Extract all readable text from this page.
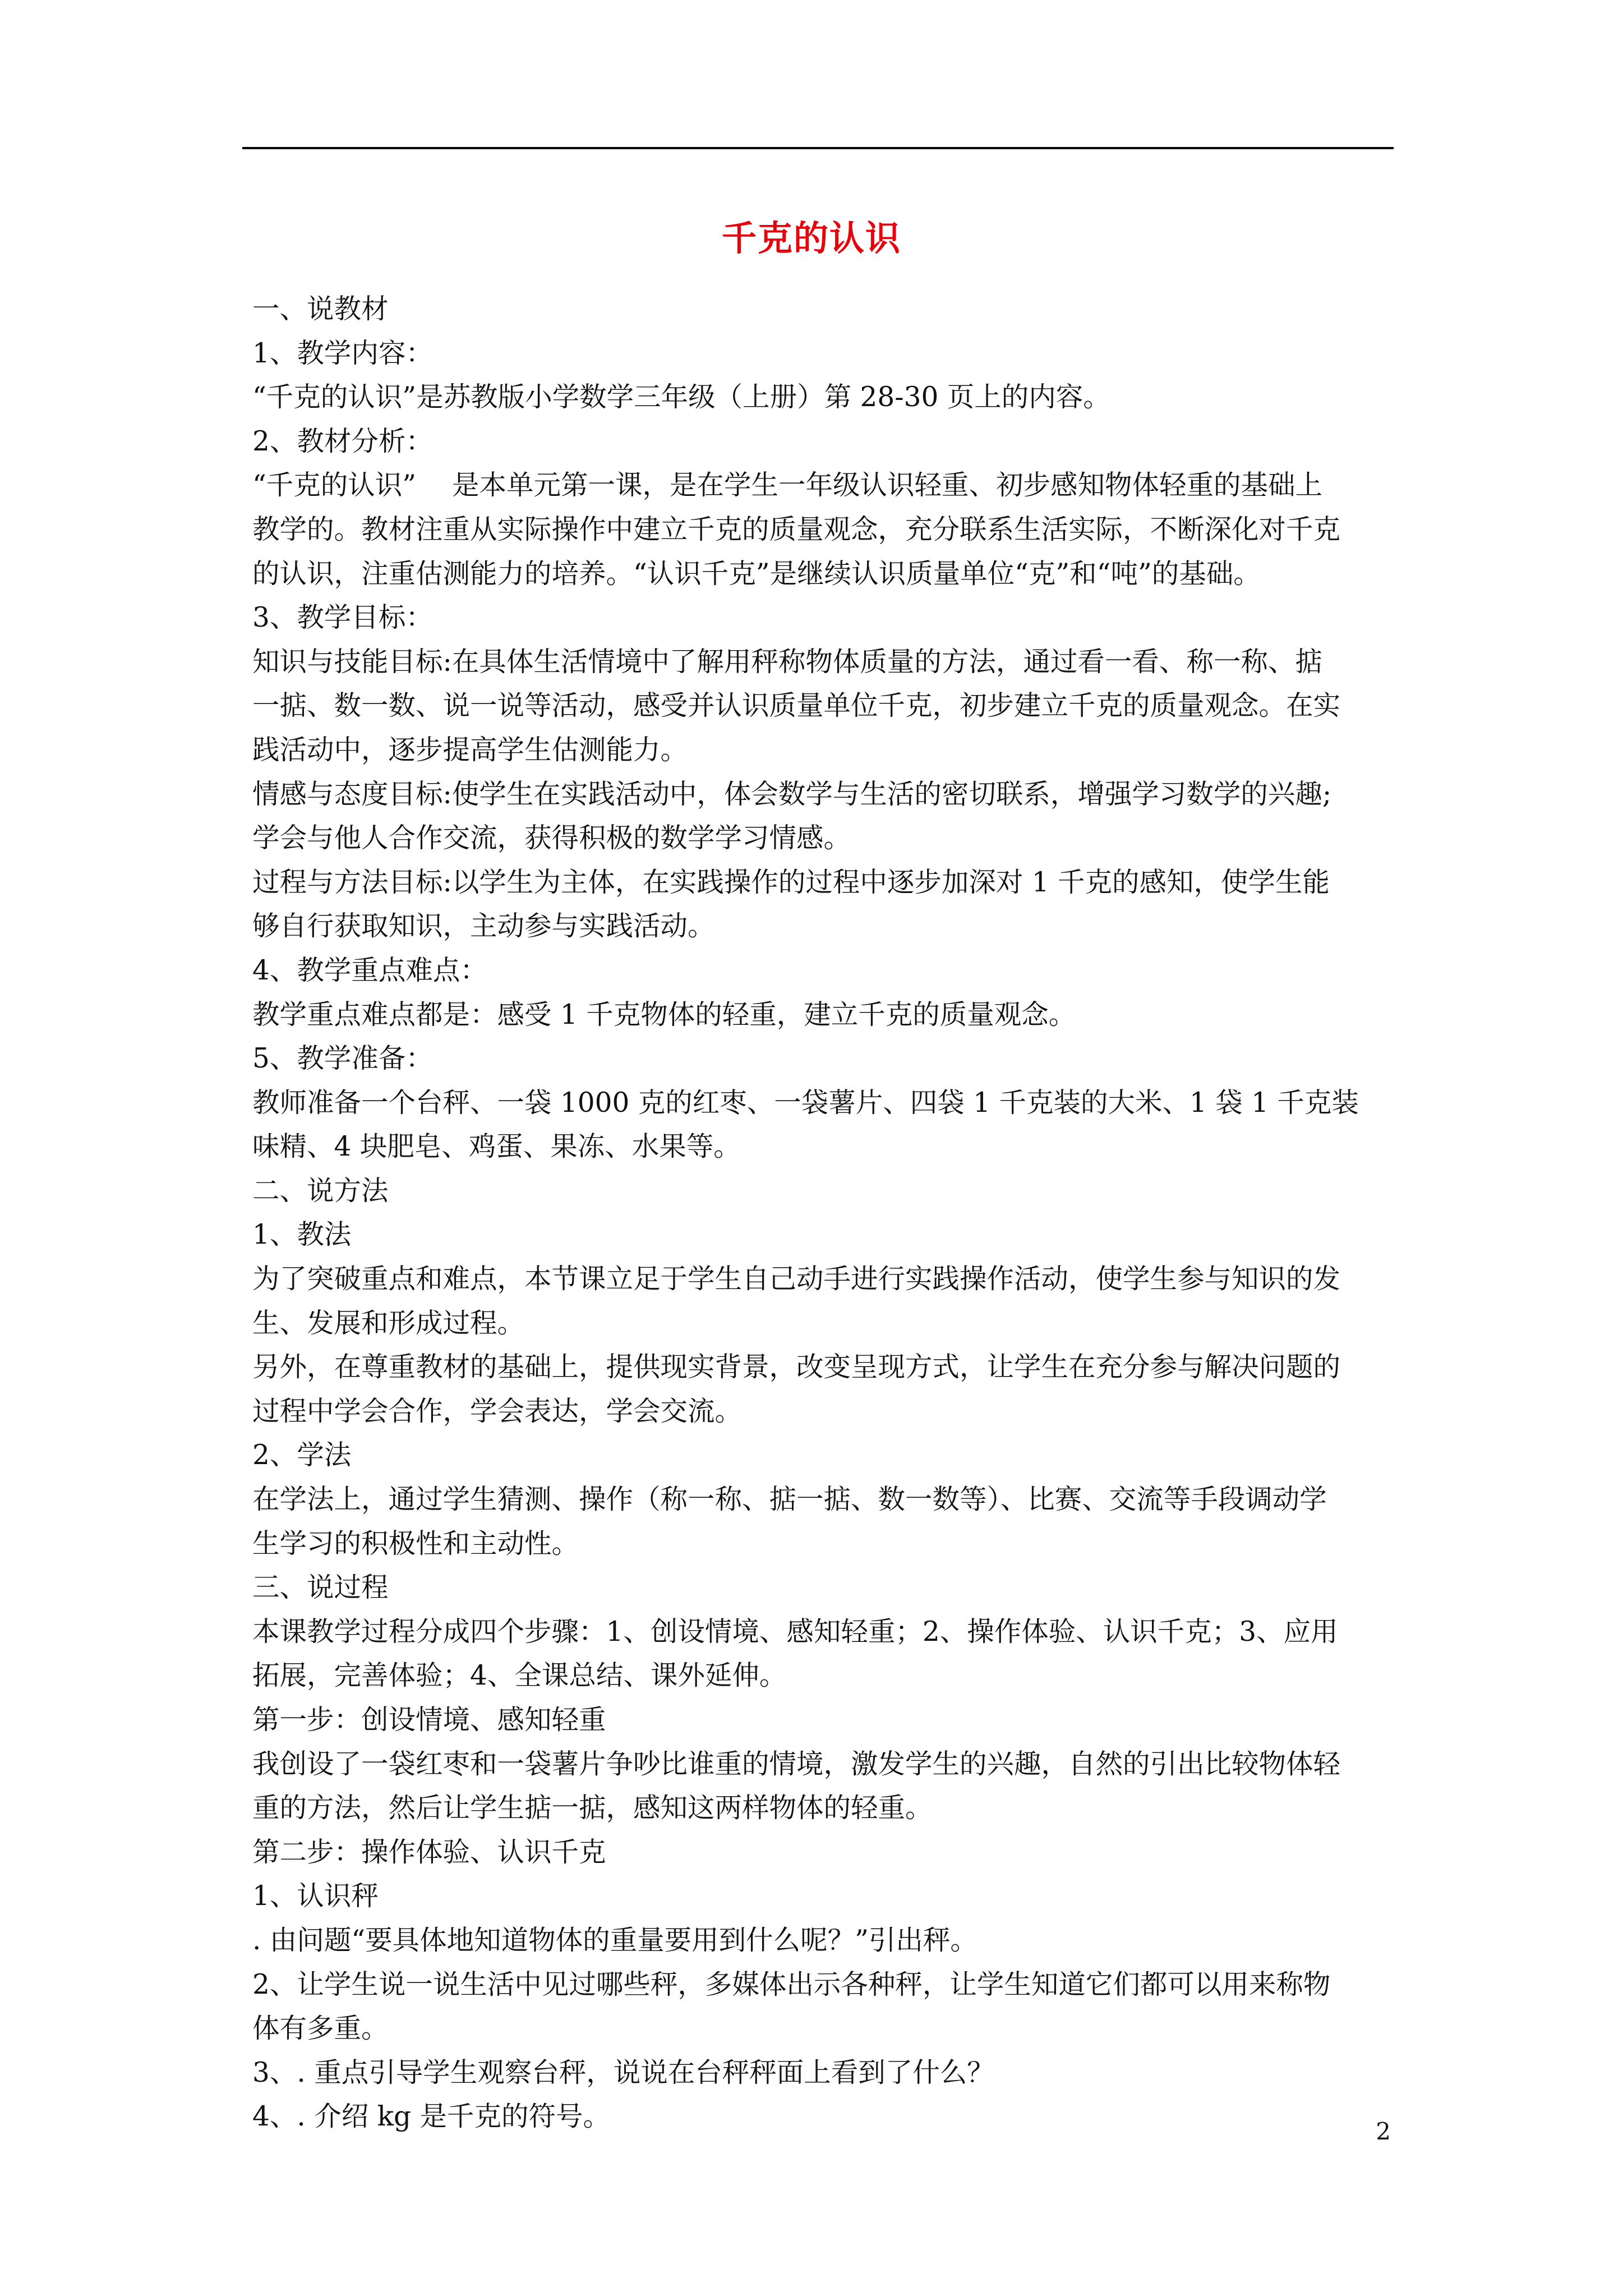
千克的认识
一、说教材
1、教学内容：
“千克的认识”是苏教版小学数学三年级（上册）第 28-30 页上的内容。
2、教材分析：
“千克的认识”　 是本单元第一课，是在学生一年级认识轻重、初步感知物体轻重的基础上
教学的。教材注重从实际操作中建立千克的质量观念，充分联系生活实际，不断深化对千克
的认识，注重估测能力的培养。“认识千克”是继续认识质量单位“克”和“吨”的基础。
3、教学目标：
知识与技能目标:在具体生活情境中了解用秤称物体质量的方法，通过看一看、称一称、掂
一掂、数一数、说一说等活动，感受并认识质量单位千克，初步建立千克的质量观念。在实
践活动中，逐步提高学生估测能力。
情感与态度目标:使学生在实践活动中，体会数学与生活的密切联系，增强学习数学的兴趣;
学会与他人合作交流，获得积极的数学学习情感。
过程与方法目标:以学生为主体，在实践操作的过程中逐步加深对 1 千克的感知，使学生能
够自行获取知识，主动参与实践活动。
4、教学重点难点：
教学重点难点都是：感受 1 千克物体的轻重，建立千克的质量观念。
5、教学准备：
教师准备一个台秤、一袋 1000 克的红枣、一袋薯片、四袋 1 千克装的大米、1 袋 1 千克装
味精、4 块肥皂、鸡蛋、果冻、水果等。
二、说方法
1、教法
为了突破重点和难点，本节课立足于学生自己动手进行实践操作活动，使学生参与知识的发
生、发展和形成过程。
另外，在尊重教材的基础上，提供现实背景，改变呈现方式，让学生在充分参与解决问题的
过程中学会合作，学会表达，学会交流。
2、学法
在学法上，通过学生猜测、操作（称一称、掂一掂、数一数等）、比赛、交流等手段调动学
生学习的积极性和主动性。
三、说过程
本课教学过程分成四个步骤：1、创设情境、感知轻重；2、操作体验、认识千克；3、应用
拓展，完善体验；4、全课总结、课外延伸。
第一步：创设情境、感知轻重
我创设了一袋红枣和一袋薯片争吵比谁重的情境，激发学生的兴趣，自然的引出比较物体轻
重的方法，然后让学生掂一掂，感知这两样物体的轻重。
第二步：操作体验、认识千克
1、认识秤
. 由问题“要具体地知道物体的重量要用到什么呢？”引出秤。
2、让学生说一说生活中见过哪些秤，多媒体出示各种秤，让学生知道它们都可以用来称物
体有多重。
3、. 重点引导学生观察台秤，说说在台秤秤面上看到了什么？
4、. 介绍 kg 是千克的符号。	2
